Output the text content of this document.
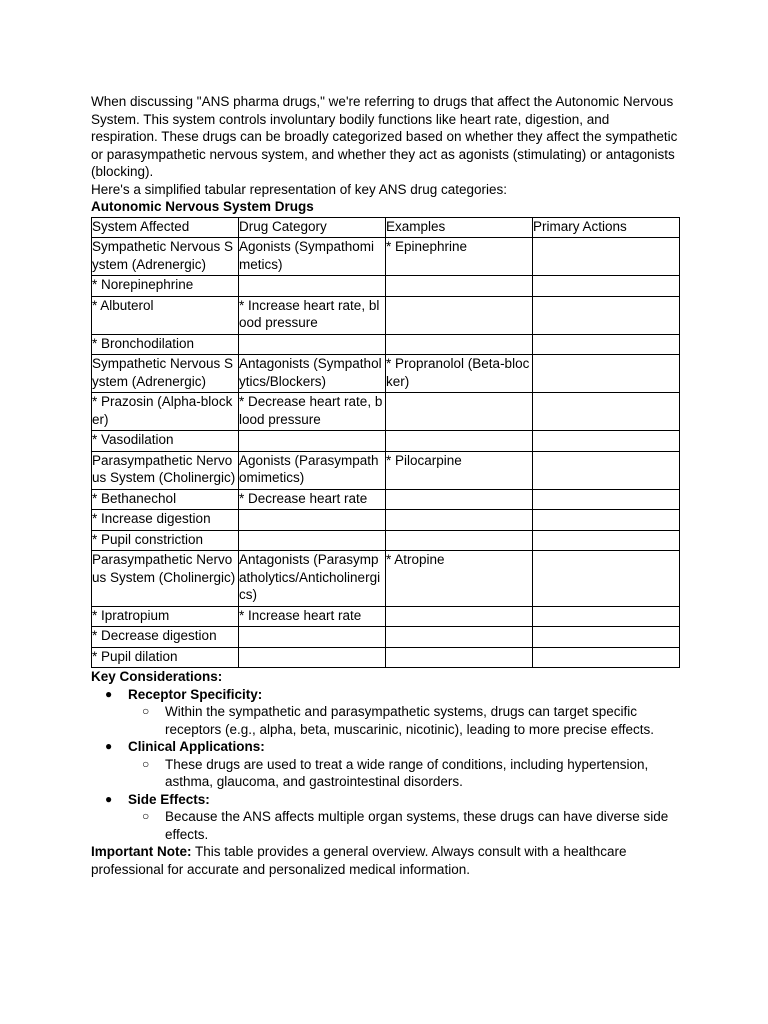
When discussing "ANS pharma drugs," we're referring to drugs that affect the Autonomic Nervous System. This system controls involuntary bodily functions like heart rate, digestion, and respiration. These drugs can be broadly categorized based on whether they affect the sympathetic or parasympathetic nervous system, and whether they act as agonists (stimulating) or antagonists (blocking).

Here's a simplified tabular representation of key ANS drug categories:

Autonomic Nervous System Drugs

System Affected	Drug Category	Examples	Primary Actions
Sympathetic Nervous System (Adrenergic)	Agonists (Sympathomimetics)	* Epinephrine	
* Norepinephrine			
* Albuterol	* Increase heart rate, blood pressure		
* Bronchodilation			
Sympathetic Nervous System (Adrenergic)	Antagonists (Sympatholytics/Blockers)	* Propranolol (Beta-blocker)	
* Prazosin (Alpha-blocker)	* Decrease heart rate, blood pressure		
* Vasodilation			
Parasympathetic Nervous System (Cholinergic)	Agonists (Parasympathomimetics)	* Pilocarpine	
* Bethanechol	* Decrease heart rate		
* Increase digestion			
* Pupil constriction			
Parasympathetic Nervous System (Cholinergic)	Antagonists (Parasympatholytics/Anticholinergics)	* Atropine	
* Ipratropium	* Increase heart rate		
* Decrease digestion			
* Pupil dilation			

Key Considerations:

● Receptor Specificity:
○ Within the sympathetic and parasympathetic systems, drugs can target specific receptors (e.g., alpha, beta, muscarinic, nicotinic), leading to more precise effects.
● Clinical Applications:
○ These drugs are used to treat a wide range of conditions, including hypertension, asthma, glaucoma, and gastrointestinal disorders.
● Side Effects:
○ Because the ANS affects multiple organ systems, these drugs can have diverse side effects.

Important Note: This table provides a general overview. Always consult with a healthcare professional for accurate and personalized medical information.
